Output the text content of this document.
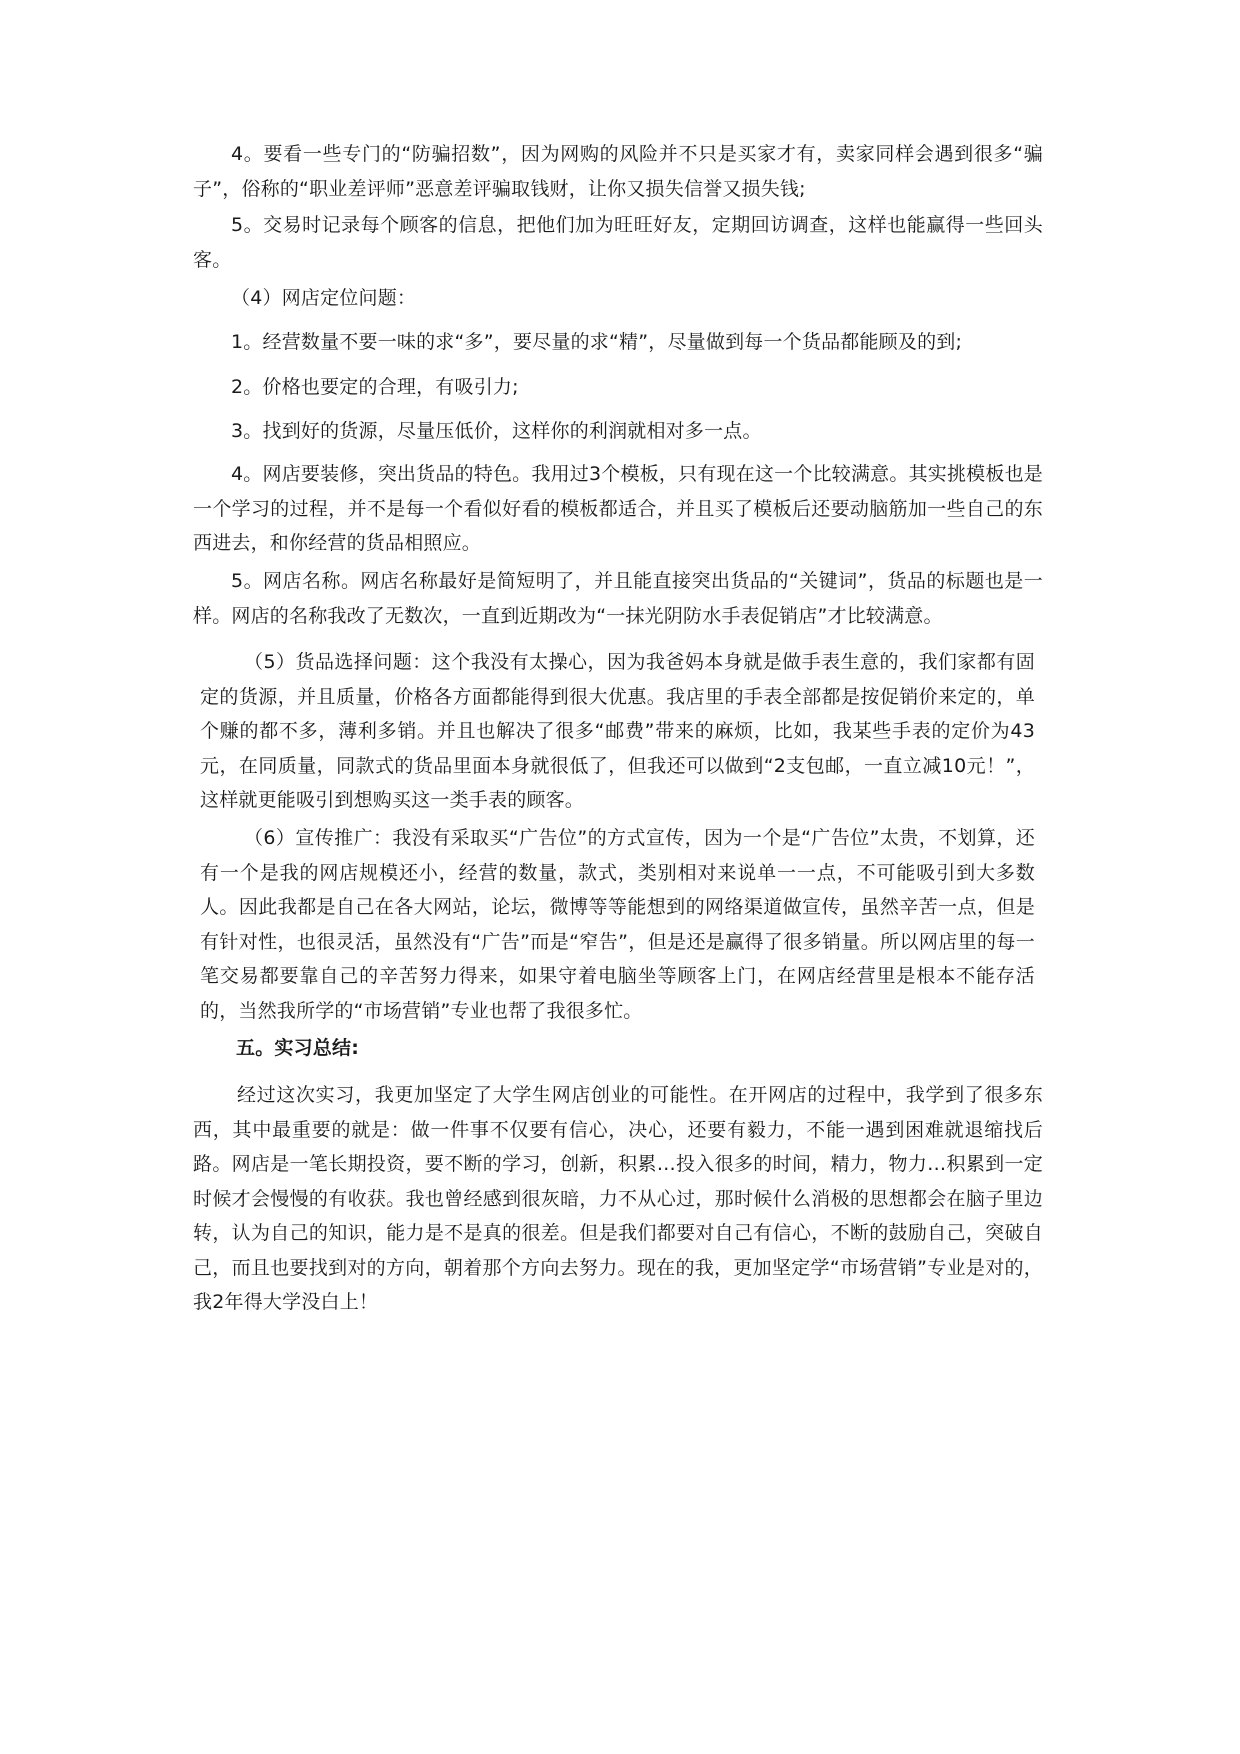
4。要看一些专门的“防骗招数”，因为网购的风险并不只是买家才有，卖家同样会遇到很多“骗子”，俗称的“职业差评师”恶意差评骗取钱财，让你又损失信誉又损失钱;

5。交易时记录每个顾客的信息，把他们加为旺旺好友，定期回访调查，这样也能赢得一些回头客。

（4）网店定位问题：

1。经营数量不要一味的求“多”，要尽量的求“精”，尽量做到每一个货品都能顾及的到;

2。价格也要定的合理，有吸引力;

3。找到好的货源，尽量压低价，这样你的利润就相对多一点。

4。网店要装修，突出货品的特色。我用过3个模板，只有现在这一个比较满意。其实挑模板也是一个学习的过程，并不是每一个看似好看的模板都适合，并且买了模板后还要动脑筋加一些自己的东西进去，和你经营的货品相照应。

5。网店名称。网店名称最好是简短明了，并且能直接突出货品的“关键词”，货品的标题也是一样。网店的名称我改了无数次，一直到近期改为“一抹光阴防水手表促销店”才比较满意。

（5）货品选择问题：这个我没有太操心，因为我爸妈本身就是做手表生意的，我们家都有固定的货源，并且质量，价格各方面都能得到很大优惠。我店里的手表全部都是按促销价来定的，单个赚的都不多，薄利多销。并且也解决了很多“邮费”带来的麻烦，比如，我某些手表的定价为43元，在同质量，同款式的货品里面本身就很低了，但我还可以做到“2支包邮，一直立减10元！”，这样就更能吸引到想购买这一类手表的顾客。

（6）宣传推广：我没有采取买“广告位”的方式宣传，因为一个是“广告位”太贵，不划算，还有一个是我的网店规模还小，经营的数量，款式，类别相对来说单一一点，不可能吸引到大多数人。因此我都是自己在各大网站，论坛，微博等等能想到的网络渠道做宣传，虽然辛苦一点，但是有针对性，也很灵活，虽然没有“广告”而是“窄告”，但是还是赢得了很多销量。所以网店里的每一笔交易都要靠自己的辛苦努力得来，如果守着电脑坐等顾客上门，在网店经营里是根本不能存活的，当然我所学的“市场营销”专业也帮了我很多忙。

五。实习总结:

经过这次实习，我更加坚定了大学生网店创业的可能性。在开网店的过程中，我学到了很多东西，其中最重要的就是：做一件事不仅要有信心，决心，还要有毅力，不能一遇到困难就退缩找后路。网店是一笔长期投资，要不断的学习，创新，积累…投入很多的时间，精力，物力…积累到一定时候才会慢慢的有收获。我也曾经感到很灰暗，力不从心过，那时候什么消极的思想都会在脑子里边转，认为自己的知识，能力是不是真的很差。但是我们都要对自己有信心，不断的鼓励自己，突破自己，而且也要找到对的方向，朝着那个方向去努力。现在的我，更加坚定学“市场营销”专业是对的，我2年得大学没白上！
